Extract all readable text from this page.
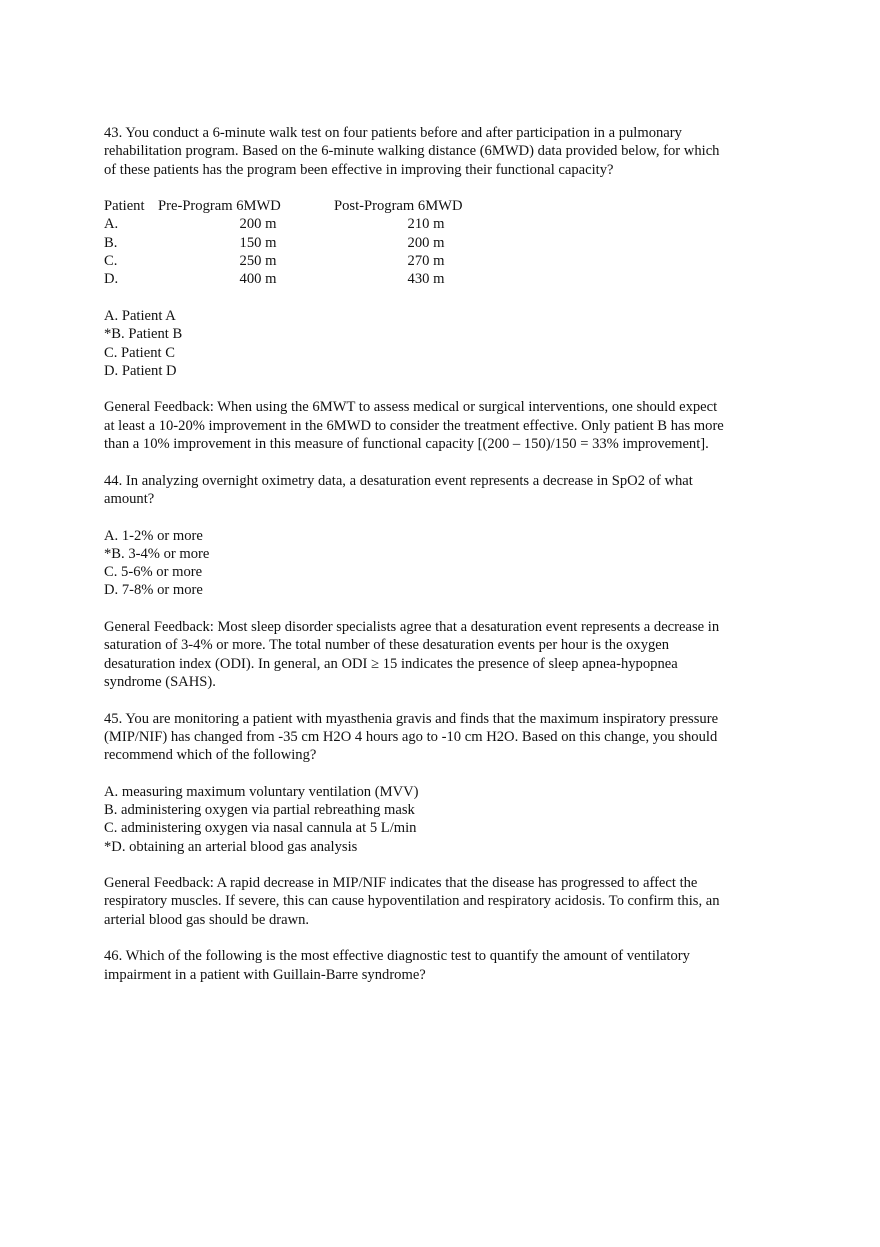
43. You conduct a 6-minute walk test on four patients before and after participation in a pulmonary
rehabilitation program. Based on the 6-minute walking distance (6MWD) data provided below, for which
of these patients has the program been effective in improving their functional capacity?
Patient Pre-Program 6MWD	Post-Program 6MWD
A.	200 m	210 m
B.	150 m	200 m
C.	250 m	270 m
D.	400 m	430 m
A. Patient A
*B. Patient B
C. Patient C
D. Patient D
General Feedback: When using the 6MWT to assess medical or surgical interventions, one should expect
at least a 10-20% improvement in the 6MWD to consider the treatment effective. Only patient B has more
than a 10% improvement in this measure of functional capacity [(200 – 150)/150 = 33% improvement].
44. In analyzing overnight oximetry data, a desaturation event represents a decrease in SpO2 of what
amount?
A. 1-2% or more
*B. 3-4% or more
C. 5-6% or more
D. 7-8% or more
General Feedback: Most sleep disorder specialists agree that a desaturation event represents a decrease in
saturation of 3-4% or more. The total number of these desaturation events per hour is the oxygen
desaturation index (ODI). In general, an ODI ≥ 15 indicates the presence of sleep apnea-hypopnea
syndrome (SAHS).
45. You are monitoring a patient with myasthenia gravis and finds that the maximum inspiratory pressure
(MIP/NIF) has changed from -35 cm H2O 4 hours ago to -10 cm H2O. Based on this change, you should
recommend which of the following?
A. measuring maximum voluntary ventilation (MVV)
B. administering oxygen via partial rebreathing mask
C. administering oxygen via nasal cannula at 5 L/min
*D. obtaining an arterial blood gas analysis
General Feedback: A rapid decrease in MIP/NIF indicates that the disease has progressed to affect the
respiratory muscles. If severe, this can cause hypoventilation and respiratory acidosis. To confirm this, an
arterial blood gas should be drawn.
46. Which of the following is the most effective diagnostic test to quantify the amount of ventilatory
impairment in a patient with Guillain-Barre syndrome?
